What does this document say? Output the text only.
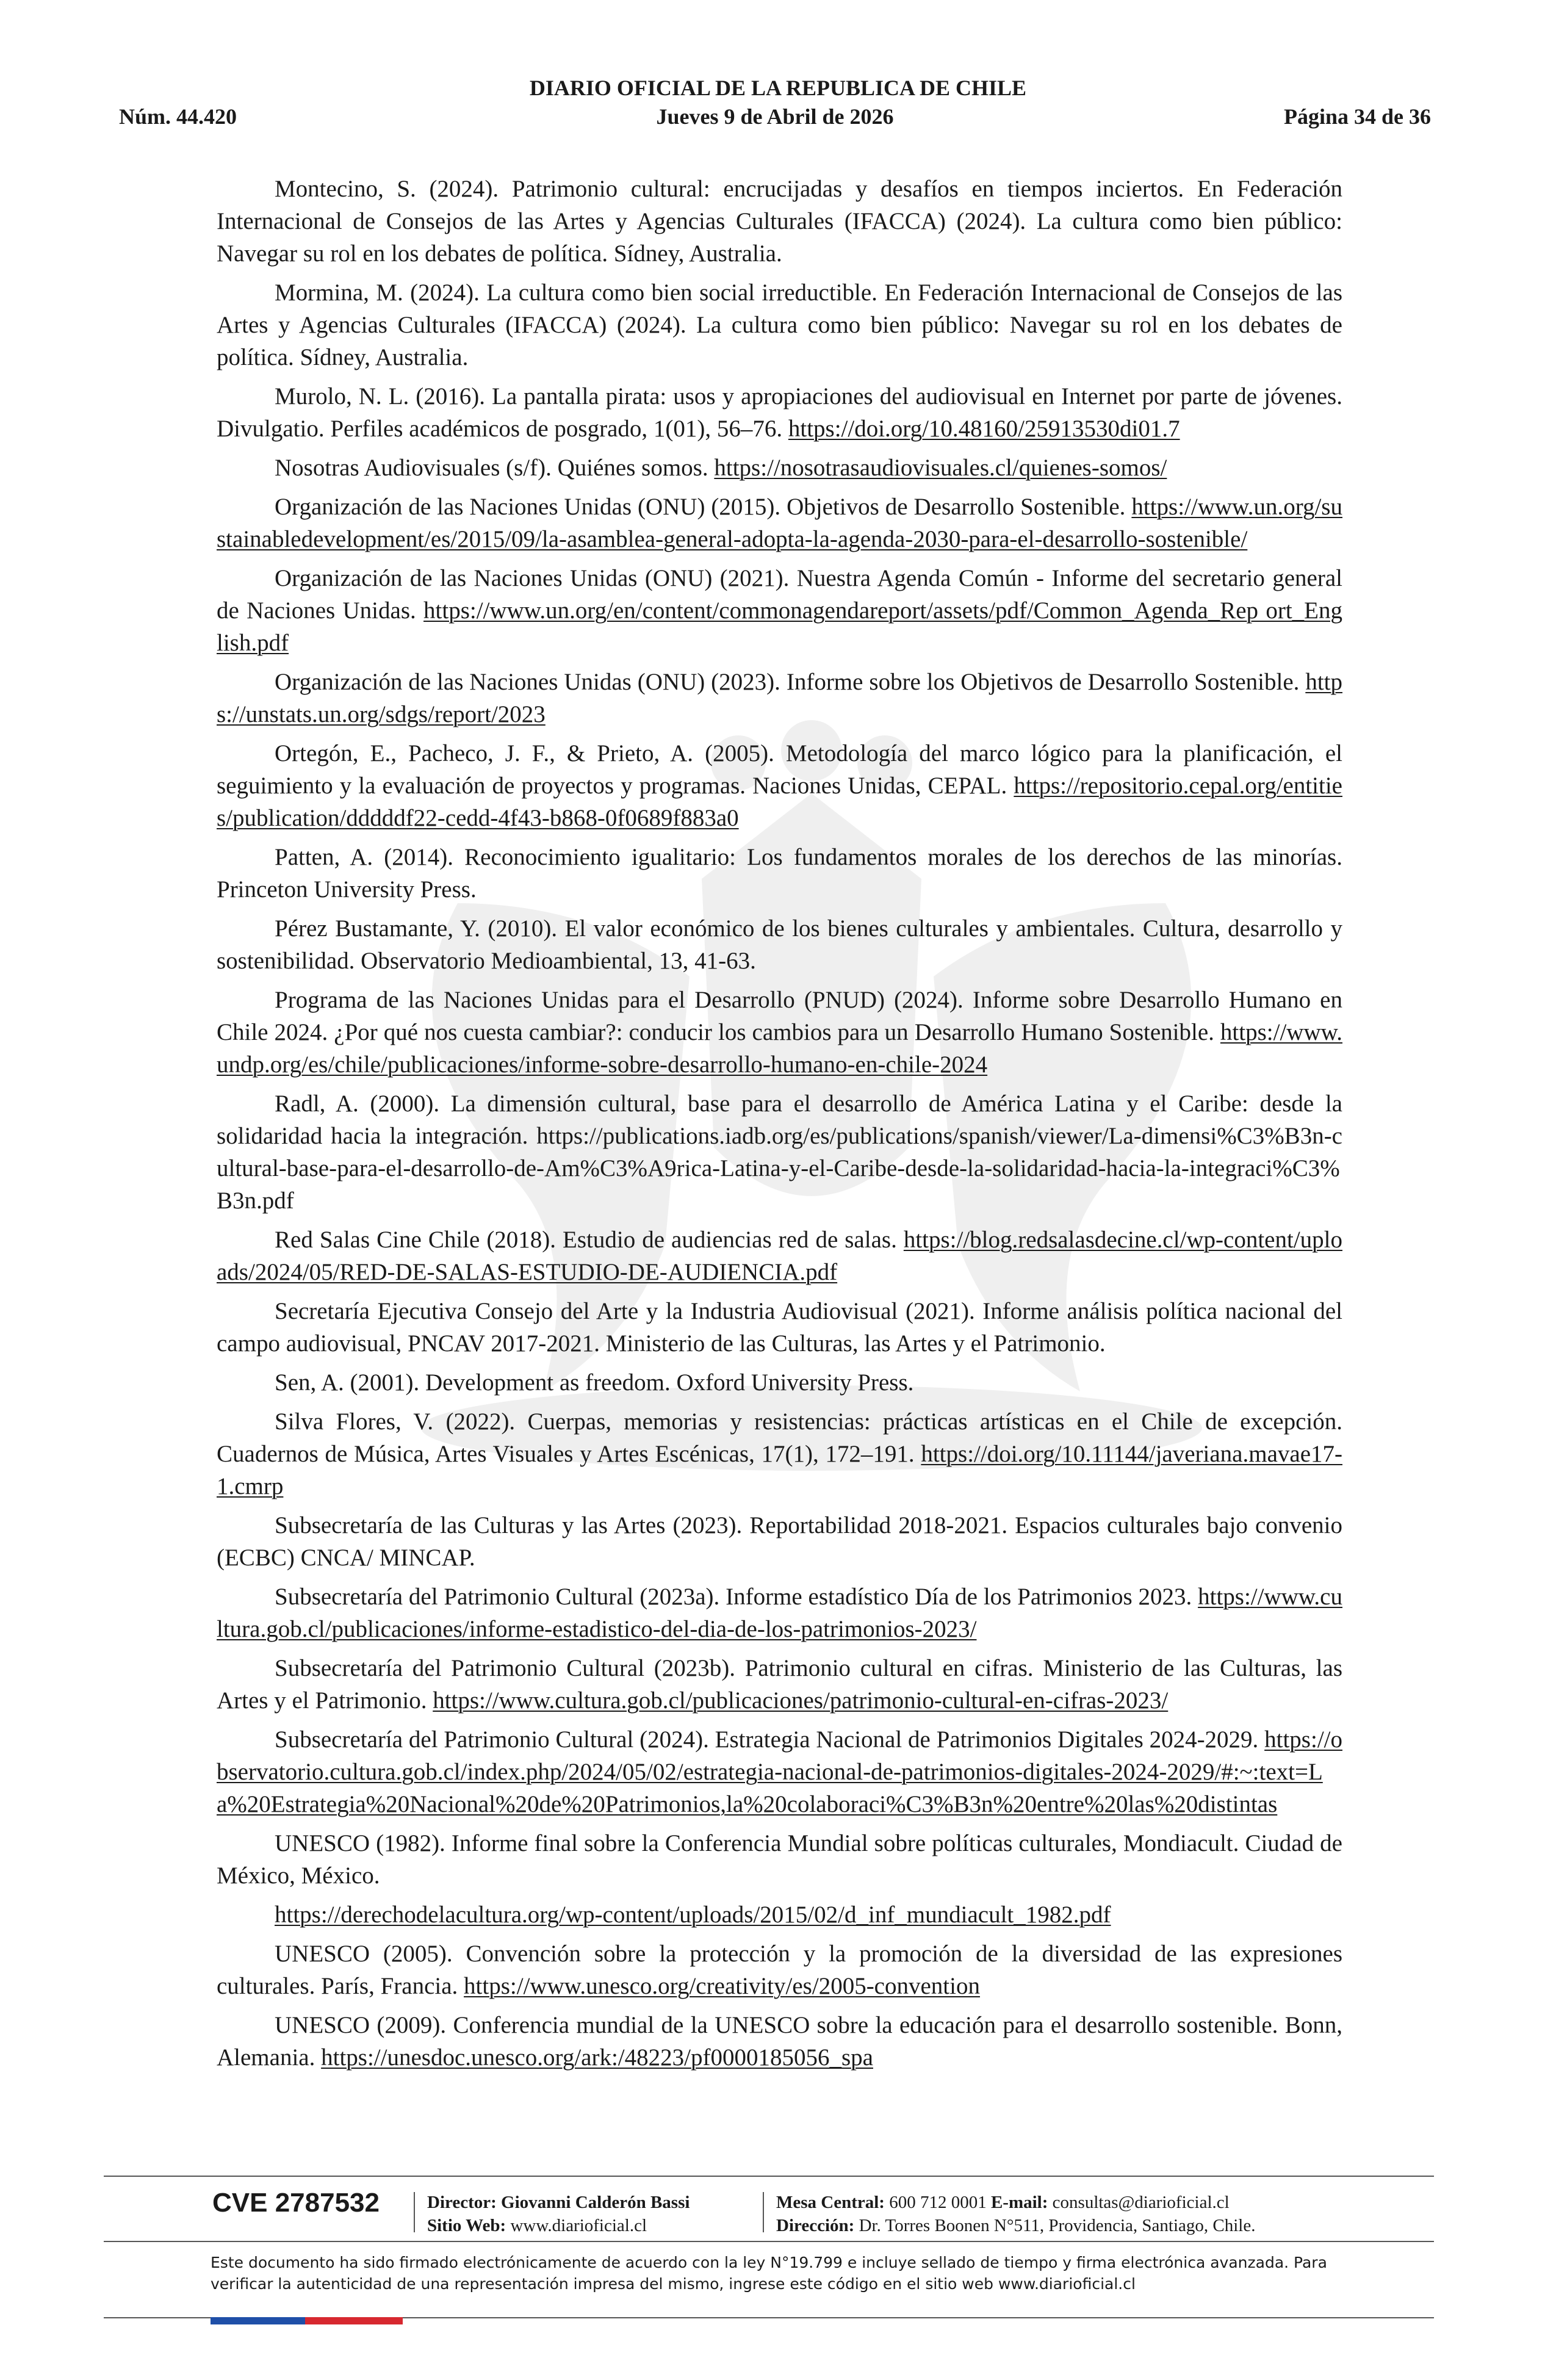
DIARIO OFICIAL DE LA REPUBLICA DE CHILE
Núm. 44.420	Jueves 9 de Abril de 2026	Página 34 de 36

Montecino, S. (2024). Patrimonio cultural: encrucijadas y desafíos en tiempos inciertos. En Federación Internacional de Consejos de las Artes y Agencias Culturales (IFACCA) (2024). La cultura como bien público: Navegar su rol en los debates de política. Sídney, Australia.

Mormina, M. (2024). La cultura como bien social irreductible. En Federación Internacional de Consejos de las Artes y Agencias Culturales (IFACCA) (2024). La cultura como bien público: Navegar su rol en los debates de política. Sídney, Australia.

Murolo, N. L. (2016). La pantalla pirata: usos y apropiaciones del audiovisual en Internet por parte de jóvenes. Divulgatio. Perfiles académicos de posgrado, 1(01), 56–76. https://doi.org/10.48160/25913530di01.7

Nosotras Audiovisuales (s/f). Quiénes somos. https://nosotrasaudiovisuales.cl/quienes-somos/

Organización de las Naciones Unidas (ONU) (2015). Objetivos de Desarrollo Sostenible. https://www.un.org/sustainabledevelopment/es/2015/09/la-asamblea-general-adopta-la-agenda-2030-para-el-desarrollo-sostenible/

Organización de las Naciones Unidas (ONU) (2021). Nuestra Agenda Común - Informe del secretario general de Naciones Unidas. https://www.un.org/en/content/commonagendareport/assets/pdf/Common_Agenda_Rep ort_English.pdf

Organización de las Naciones Unidas (ONU) (2023). Informe sobre los Objetivos de Desarrollo Sostenible. https://unstats.un.org/sdgs/report/2023

Ortegón, E., Pacheco, J. F., & Prieto, A. (2005). Metodología del marco lógico para la planificación, el seguimiento y la evaluación de proyectos y programas. Naciones Unidas, CEPAL. https://repositorio.cepal.org/entities/publication/dddddf22-cedd-4f43-b868-0f0689f883a0

Patten, A. (2014). Reconocimiento igualitario: Los fundamentos morales de los derechos de las minorías. Princeton University Press.

Pérez Bustamante, Y. (2010). El valor económico de los bienes culturales y ambientales. Cultura, desarrollo y sostenibilidad. Observatorio Medioambiental, 13, 41-63.

Programa de las Naciones Unidas para el Desarrollo (PNUD) (2024). Informe sobre Desarrollo Humano en Chile 2024. ¿Por qué nos cuesta cambiar?: conducir los cambios para un Desarrollo Humano Sostenible. https://www.undp.org/es/chile/publicaciones/informe-sobre-desarrollo-humano-en-chile-2024

Radl, A. (2000). La dimensión cultural, base para el desarrollo de América Latina y el Caribe: desde la solidaridad hacia la integración. https://publications.iadb.org/es/publications/spanish/viewer/La-dimensi%C3%B3n-cultural-base-para-el-desarrollo-de-Am%C3%A9rica-Latina-y-el-Caribe-desde-la-solidaridad-hacia-la-integraci%C3%B3n.pdf

Red Salas Cine Chile (2018). Estudio de audiencias red de salas. https://blog.redsalasdecine.cl/wp-content/uploads/2024/05/RED-DE-SALAS-ESTUDIO-DE-AUDIENCIA.pdf

Secretaría Ejecutiva Consejo del Arte y la Industria Audiovisual (2021). Informe análisis política nacional del campo audiovisual, PNCAV 2017-2021. Ministerio de las Culturas, las Artes y el Patrimonio.

Sen, A. (2001). Development as freedom. Oxford University Press.

Silva Flores, V. (2022). Cuerpas, memorias y resistencias: prácticas artísticas en el Chile de excepción. Cuadernos de Música, Artes Visuales y Artes Escénicas, 17(1), 172–191. https://doi.org/10.11144/javeriana.mavae17-1.cmrp

Subsecretaría de las Culturas y las Artes (2023). Reportabilidad 2018-2021. Espacios culturales bajo convenio (ECBC) CNCA/ MINCAP.

Subsecretaría del Patrimonio Cultural (2023a). Informe estadístico Día de los Patrimonios 2023. https://www.cultura.gob.cl/publicaciones/informe-estadistico-del-dia-de-los-patrimonios-2023/

Subsecretaría del Patrimonio Cultural (2023b). Patrimonio cultural en cifras. Ministerio de las Culturas, las Artes y el Patrimonio. https://www.cultura.gob.cl/publicaciones/patrimonio-cultural-en-cifras-2023/

Subsecretaría del Patrimonio Cultural (2024). Estrategia Nacional de Patrimonios Digitales 2024-2029. https://observatorio.cultura.gob.cl/index.php/2024/05/02/estrategia-nacional-de-patrimonios-digitales-2024-2029/#:~:text=La%20Estrategia%20Nacional%20de%20Patrimonios,la%20colaboraci%C3%B3n%20entre%20las%20distintas

UNESCO (1982). Informe final sobre la Conferencia Mundial sobre políticas culturales, Mondiacult. Ciudad de México, México.

https://derechodelacultura.org/wp-content/uploads/2015/02/d_inf_mundiacult_1982.pdf

UNESCO (2005). Convención sobre la protección y la promoción de la diversidad de las expresiones culturales. París, Francia. https://www.unesco.org/creativity/es/2005-convention

UNESCO (2009). Conferencia mundial de la UNESCO sobre la educación para el desarrollo sostenible. Bonn, Alemania. https://unesdoc.unesco.org/ark:/48223/pf0000185056_spa

CVE 2787532	Director: Giovanni Calderón Bassi
Sitio Web: www.diarioficial.cl
Mesa Central: 600 712 0001 E-mail: consultas@diarioficial.cl
Dirección: Dr. Torres Boonen N°511, Providencia, Santiago, Chile.
Este documento ha sido firmado electrónicamente de acuerdo con la ley N°19.799 e incluye sellado de tiempo y firma electrónica avanzada. Para verificar la autenticidad de una representación impresa del mismo, ingrese este código en el sitio web www.diarioficial.cl
